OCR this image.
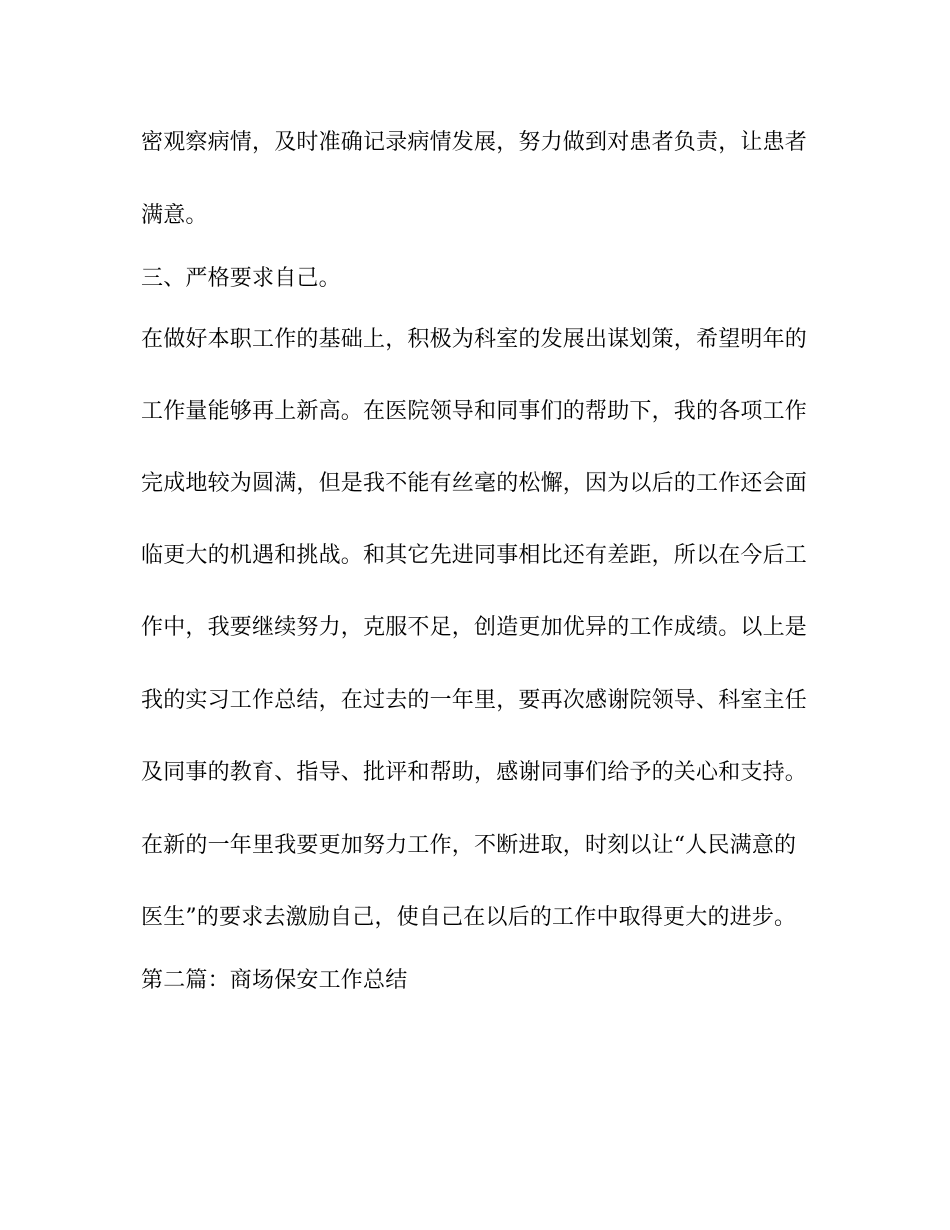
密观察病情，及时准确记录病情发展，努力做到对患者负责，让患者
满意。
三、严格要求自己。
在做好本职工作的基础上，积极为科室的发展出谋划策，希望明年的
工作量能够再上新高。在医院领导和同事们的帮助下，我的各项工作
完成地较为圆满，但是我不能有丝毫的松懈，因为以后的工作还会面
临更大的机遇和挑战。和其它先进同事相比还有差距，所以在今后工
作中，我要继续努力，克服不足，创造更加优异的工作成绩。以上是
我的实习工作总结，在过去的一年里，要再次感谢院领导、科室主任
及同事的教育、指导、批评和帮助，感谢同事们给予的关心和支持。
在新的一年里我要更加努力工作，不断进取，时刻以让“人民满意的
医生”的要求去激励自己，使自己在以后的工作中取得更大的进步。
第二篇：商场保安工作总结
